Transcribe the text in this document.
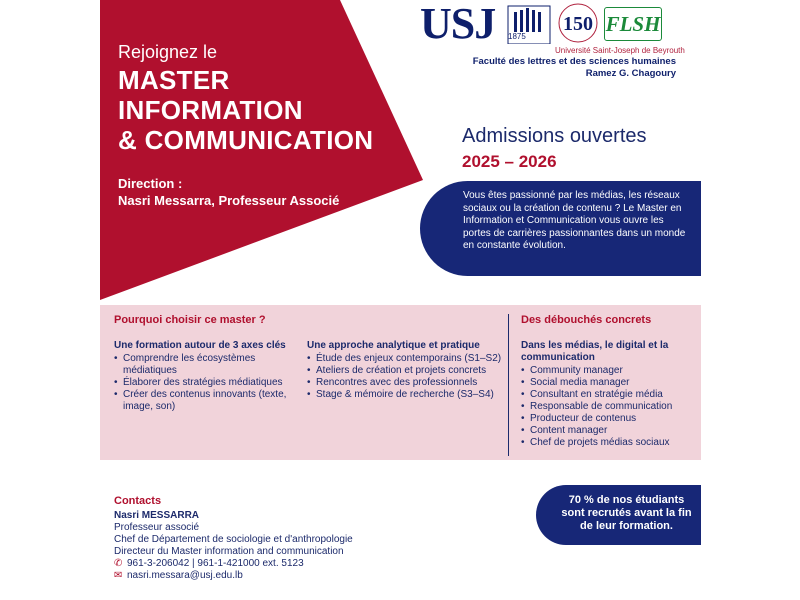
Rejoignez le
MASTER
INFORMATION
& COMMUNICATION
Direction :
Nasri Messarra, Professeur Associé
USJ 1875
150 FLSH
Université Saint-Joseph de Beyrouth
Faculté des lettres et des sciences humaines
Ramez G. Chagoury
Admissions ouvertes
2025 – 2026
Vous êtes passionné par les médias, les réseaux sociaux ou la création de contenu ? Le Master en Information et Communication vous ouvre les portes de carrières passionnantes dans un monde en constante évolution.
Pourquoi choisir ce master ?
Une formation autour de 3 axes clés
• Comprendre les écosystèmes médiatiques
• Élaborer des stratégies médiatiques
• Créer des contenus innovants (texte, image, son)
Une approche analytique et pratique
• Étude des enjeux contemporains (S1–S2)
• Ateliers de création et projets concrets
• Rencontres avec des professionnels
• Stage & mémoire de recherche (S3–S4)
Des débouchés concrets
Dans les médias, le digital et la communication
• Community manager
• Social media manager
• Consultant en stratégie média
• Responsable de communication
• Producteur de contenus
• Content manager
• Chef de projets médias sociaux
Contacts
Nasri MESSARRA
Professeur associé
Chef de Département de sociologie et d'anthropologie
Directeur du Master information and communication
✆ 961-3-206042 | 961-1-421000 ext. 5123
✉ nasri.messara@usj.edu.lb
70 % de nos étudiants sont recrutés avant la fin de leur formation.
